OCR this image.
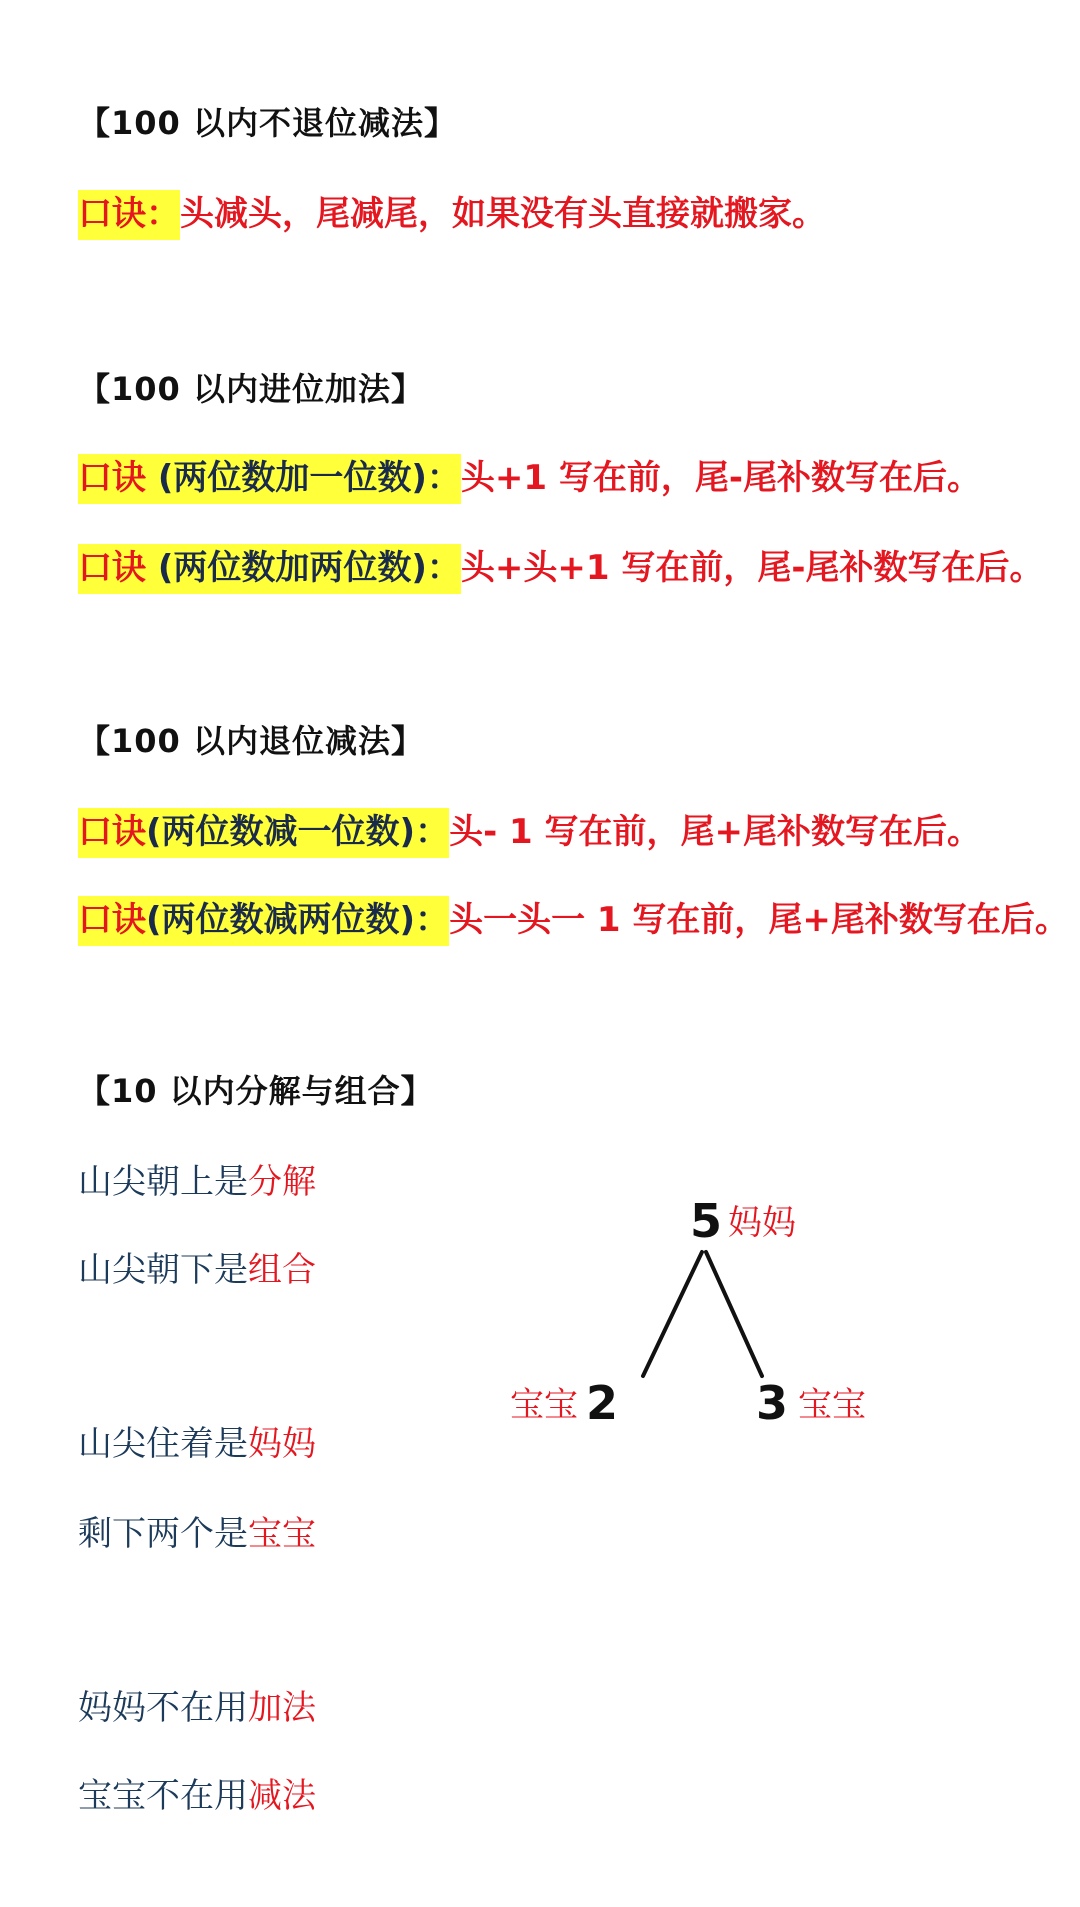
【100 以内不退位减法】
口诀：头减头，尾减尾，如果没有头直接就搬家。
【100 以内进位加法】
口诀 (两位数加一位数)：头+1 写在前，尾-尾补数写在后。
口诀 (两位数加两位数)：头+头+1 写在前，尾-尾补数写在后。
【100 以内退位减法】
口诀(两位数减一位数)：头- 1 写在前，尾+尾补数写在后。
口诀(两位数减两位数)：头一头一 1 写在前，尾+尾补数写在后。
【10 以内分解与组合】
山尖朝上是分解
山尖朝下是组合
山尖住着是妈妈
剩下两个是宝宝
妈妈不在用加法
宝宝不在用减法
5 妈妈
宝宝 2	3 宝宝
